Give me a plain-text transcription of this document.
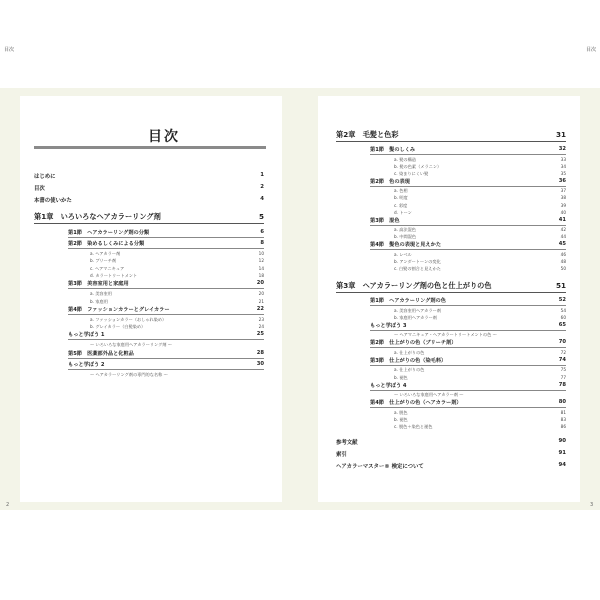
目次	目次
2	3
目次
はじめに	1
目次	2
本書の使いかた	4
第1章　いろいろなヘアカラーリング剤	5
第1節　ヘアカラーリング剤の分類	6
第2節　染めるしくみによる分類	8
a. ヘアカラー剤	10
b. ブリーチ剤	12
c. ヘアマニキュア	14
d. カラートリートメント	18
第3節　美容室用と家庭用	20
a. 美容室用	20
b. 家庭用	21
第4節　ファッションカラーとグレイカラー	22
a. ファッションカラー（おしゃれ染め）	23
b. グレイカラー（白髪染め）	24
もっと学ぼう 1	25
～ いろいろな家庭用ヘアカラーリング剤 ～
第5節　医薬部外品と化粧品	28
もっと学ぼう 2	30
～ ヘアカラーリング剤の専門的な名称 ～
第2章　毛髪と色彩	31
第1節　髪のしくみ	32
a. 髪の構造	33
b. 髪の色素（メラニン）	34
c. 染まりにくい髪	35
第2節　色の表現	36
a. 色相	37
b. 明度	38
c. 彩度	39
d. トーン	40
第3節　混色	41
a. 高法混色	42
b. 中間混色	44
第4節　髪色の表現と見えかた	45
a. レベル	46
b. アンダートーンの変化	48
c. 白髪の割合と見えかた	50
第3章　ヘアカラーリング剤の色と仕上がりの色	51
第1節　ヘアカラーリング剤の色	52
a. 美容室用ヘアカラー剤	54
b. 家庭用ヘアカラー剤	60
もっと学ぼう 3	65
～ ヘアマニキュア・ヘアカラートリートメントの色 ～
第2節　仕上がりの色（ブリーチ剤）	70
a. 仕上がりの色	72
第3節　仕上がりの色（染毛料）	74
a. 仕上がりの色	75
b. 褪色	77
もっと学ぼう 4	78
～ いろいろな家庭用ヘアカラー剤 ～
第4節　仕上がりの色（ヘアカラー剤）	80
a. 脱色	81
b. 褪色	83
c. 脱色＋染色と褪色	86
参考文献	90
索引	91
ヘアカラーマスター® 検定について	94
